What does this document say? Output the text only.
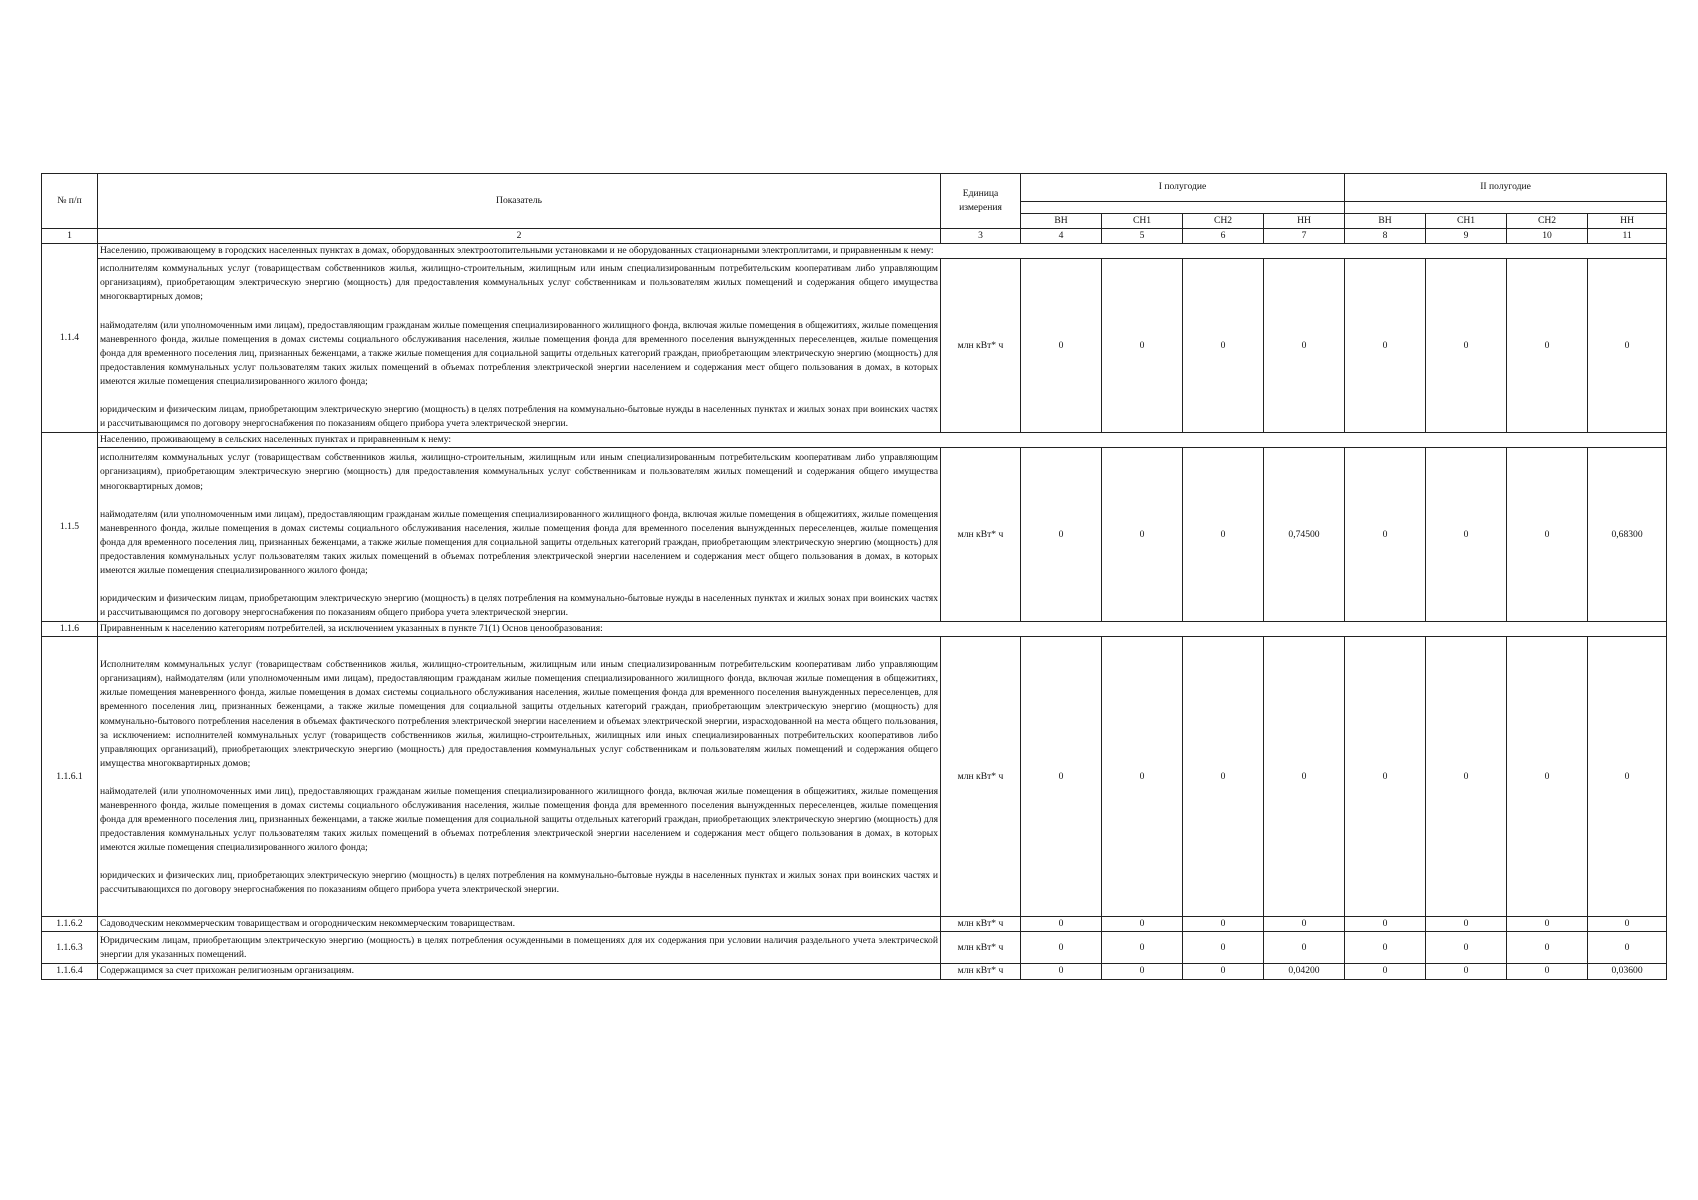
№ п/п	Показатель	Единица измерения	I полугодие				II полугодие			

			ВН	СН1	СН2	НН	ВН	СН1	СН2	НН
1	2	3	4	5	6	7	8	9	10	11
1.1.4	Населению, проживающему в городских населенных пунктах в домах, оборудованных электроотопительными установками и не оборудованных стационарными электроплитами, и приравненным к нему:									

	исполнителям коммунальных услуг (товариществам собственников жилья, жилищно-строительным, жилищным или иным специализированным потребительским кооперативам либо управляющим организациям), приобретающим электрическую энергию (мощность) для предоставления коммунальных услуг собственникам и пользователям жилых помещений и содержания общего имущества многоквартирных домов;

наймодателям (или уполномоченным ими лицам), предоставляющим гражданам жилые помещения специализированного жилищного фонда, включая жилые помещения в общежитиях, жилые помещения маневренного фонда, жилые помещения в домах системы социального обслуживания населения, жилые помещения фонда для временного поселения вынужденных переселенцев, жилые помещения фонда для временного поселения лиц, признанных беженцами, а также жилые помещения для социальной защиты отдельных категорий граждан, приобретающим электрическую энергию (мощность) для предоставления коммунальных услуг пользователям таких жилых помещений в объемах потребления электрической энергии населением и содержания мест общего пользования в домах, в которых имеются жилые помещения специализированного жилого фонда;

юридическим и физическим лицам, приобретающим электрическую энергию (мощность) в целях потребления на коммунально-бытовые нужды в населенных пунктах и жилых зонах при воинских частях и рассчитывающимся по договору энергоснабжения по показаниям общего прибора учета электрической энергии.	млн кВт* ч	0	0	0	0	0	0	0	0
1.1.5	Населению, проживающему в сельских населенных пунктах и приравненным к нему:									

	исполнителям коммунальных услуг (товариществам собственников жилья, жилищно-строительным, жилищным или иным специализированным потребительским кооперативам либо управляющим организациям), приобретающим электрическую энергию (мощность) для предоставления коммунальных услуг собственникам и пользователям жилых помещений и содержания общего имущества многоквартирных домов;

наймодателям (или уполномоченным ими лицам), предоставляющим гражданам жилые помещения специализированного жилищного фонда, включая жилые помещения в общежитиях, жилые помещения маневренного фонда, жилые помещения в домах системы социального обслуживания населения, жилые помещения фонда для временного поселения вынужденных переселенцев, жилые помещения фонда для временного поселения лиц, признанных беженцами, а также жилые помещения для социальной защиты отдельных категорий граждан, приобретающим электрическую энергию (мощность) для предоставления коммунальных услуг пользователям таких жилых помещений в объемах потребления электрической энергии населением и содержания мест общего пользования в домах, в которых имеются жилые помещения специализированного жилого фонда;

юридическим и физическим лицам, приобретающим электрическую энергию (мощность) в целях потребления на коммунально-бытовые нужды в населенных пунктах и жилых зонах при воинских частях и рассчитывающимся по договору энергоснабжения по показаниям общего прибора учета электрической энергии.	млн кВт* ч	0	0	0	0,74500	0	0	0	0,68300
1.1.6	Приравненным к населению категориям потребителей, за исключением указанных в пункте 71(1) Основ ценообразования:									
1.1.6.1	Исполнителям коммунальных услуг (товариществам собственников жилья, жилищно-строительным, жилищным или иным специализированным потребительским кооперативам либо управляющим организациям), наймодателям (или уполномоченным ими лицам), предоставляющим гражданам жилые помещения специализированного жилищного фонда, включая жилые помещения в общежитиях, жилые помещения маневренного фонда, жилые помещения в домах системы социального обслуживания населения, жилые помещения фонда для временного поселения вынужденных переселенцев, для временного поселения лиц, признанных беженцами, а также жилые помещения для социальной защиты отдельных категорий граждан, приобретающим электрическую энергию (мощность) для коммунально-бытового потребления населения в объемах фактического потребления электрической энергии населением и объемах электрической энергии, израсходованной на места общего пользования, за исключением: исполнителей коммунальных услуг (товариществ собственников жилья, жилищно-строительных, жилищных или иных специализированных потребительских кооперативов либо управляющих организаций), приобретающих электрическую энергию (мощность) для предоставления коммунальных услуг собственникам и пользователям жилых помещений и содержания общего имущества многоквартирных домов;

наймодателей (или уполномоченных ими лиц), предоставляющих гражданам жилые помещения специализированного жилищного фонда, включая жилые помещения в общежитиях, жилые помещения маневренного фонда, жилые помещения в домах системы социального обслуживания населения, жилые помещения фонда для временного поселения вынужденных переселенцев, жилые помещения фонда для временного поселения лиц, признанных беженцами, а также жилые помещения для социальной защиты отдельных категорий граждан, приобретающих электрическую энергию (мощность) для предоставления коммунальных услуг пользователям таких жилых помещений в объемах потребления электрической энергии населением и содержания мест общего пользования в домах, в которых имеются жилые помещения специализированного жилого фонда;

юридических и физических лиц, приобретающих электрическую энергию (мощность) в целях потребления на коммунально-бытовые нужды в населенных пунктах и жилых зонах при воинских частях и рассчитывающихся по договору энергоснабжения по показаниям общего прибора учета электрической энергии.	млн кВт* ч	0	0	0	0	0	0	0	0
1.1.6.2	Садоводческим некоммерческим товариществам и огородническим некоммерческим товариществам.	млн кВт* ч	0	0	0	0	0	0	0	0
1.1.6.3	Юридическим лицам, приобретающим электрическую энергию (мощность) в целях потребления осужденными в помещениях для их содержания при условии наличия раздельного учета электрической энергии для указанных помещений.	млн кВт* ч	0	0	0	0	0	0	0	0
1.1.6.4	Содержащимся за счет прихожан религиозным организациям.	млн кВт* ч	0	0	0	0,04200	0	0	0	0,03600
